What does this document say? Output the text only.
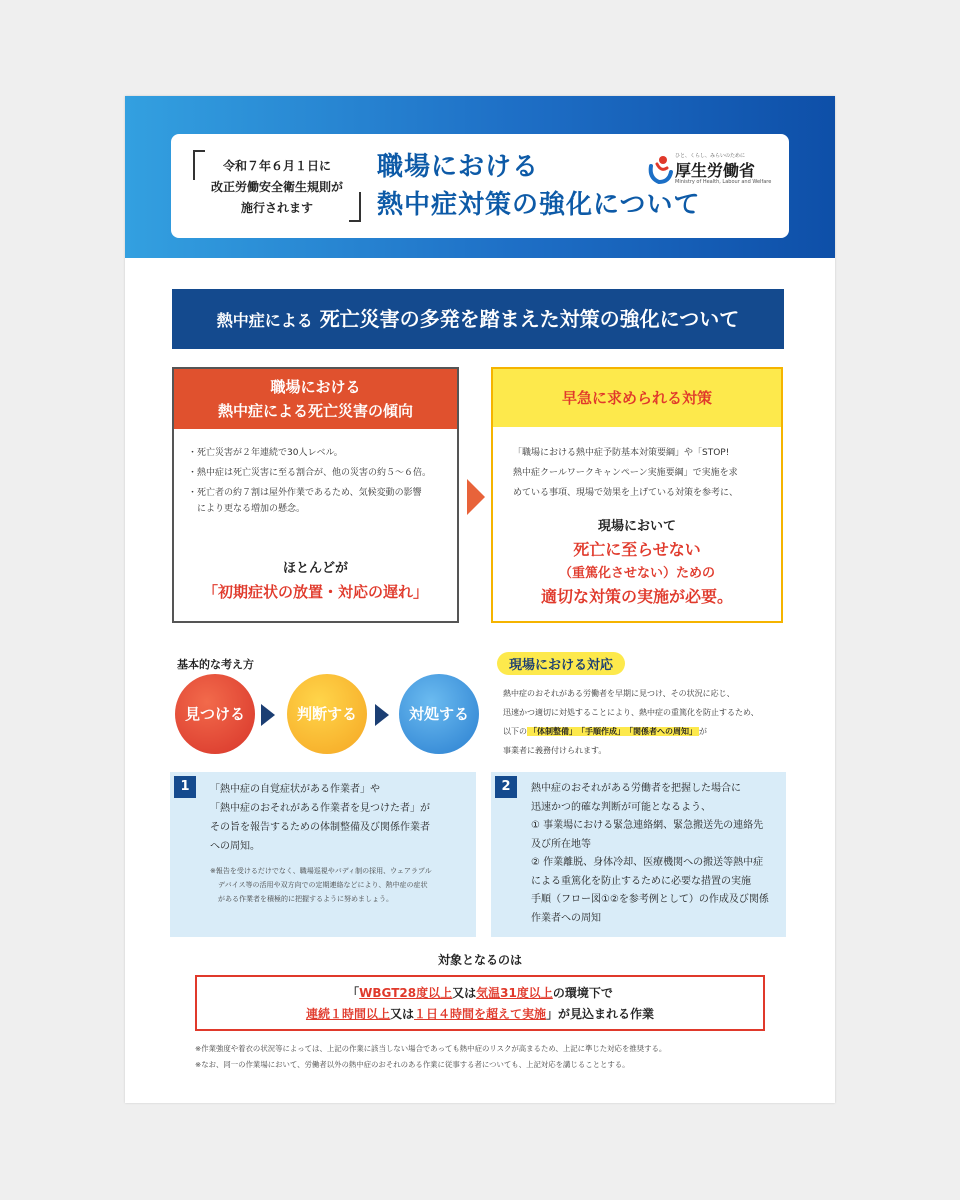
令和７年６月１日に
改正労働安全衛生規則が
施行されます
職場における
熱中症対策の強化について
ひと、くらし、みらいのために
厚生労働省
Ministry of Health, Labour and Welfare
熱中症による 死亡災害の多発を踏まえた対策の強化について
職場における
熱中症による死亡災害の傾向
・死亡災害が２年連続で30人レベル。
・熱中症は死亡災害に至る割合が、他の災害の約５～６倍。
・死亡者の約７割は屋外作業であるため、気候変動の影響
　により更なる増加の懸念。
ほとんどが
「初期症状の放置・対応の遅れ」
早急に求められる対策
「職場における熱中症予防基本対策要綱」や「STOP!
熱中症クールワークキャンペーン実施要綱」で実施を求
めている事項、現場で効果を上げている対策を参考に、
現場において
死亡に至らせない
（重篤化させない）ための
適切な対策の実施が必要。
基本的な考え方
見つける	判断する	対処する
現場における対応
熱中症のおそれがある労働者を早期に見つけ、その状況に応じ、
迅速かつ適切に対処することにより、熱中症の重篤化を防止するため、
以下の 「体制整備」 「手順作成」 「関係者への周知」 が
事業者に義務付けられます。
1	「熱中症の自覚症状がある作業者」や
「熱中症のおそれがある作業者を見つけた者」が
その旨を報告するための体制整備及び関係作業者
への周知。
※報告を受けるだけでなく、職場巡視やバディ制の採用、ウェアラブル
デバイス等の活用や双方向での定期連絡などにより、熱中症の症状
がある作業者を積極的に把握するように努めましょう。
2	熱中症のおそれがある労働者を把握した場合に
迅速かつ的確な判断が可能となるよう、
① 事業場における緊急連絡網、緊急搬送先の連絡先
及び所在地等
② 作業離脱、身体冷却、医療機関への搬送等熱中症
による重篤化を防止するために必要な措置の実施
手順（フロー図①②を参考例として）の作成及び関係
作業者への周知
対象となるのは
「WBGT28度以上又は気温31度以上の環境下で
連続１時間以上又は１日４時間を超えて実施」が見込まれる作業
※作業強度や着衣の状況等によっては、上記の作業に該当しない場合であっても熱中症のリスクが高まるため、上記に準じた対応を推奨する。
※なお、同一の作業場において、労働者以外の熱中症のおそれのある作業に従事する者についても、上記対応を講じることとする。
